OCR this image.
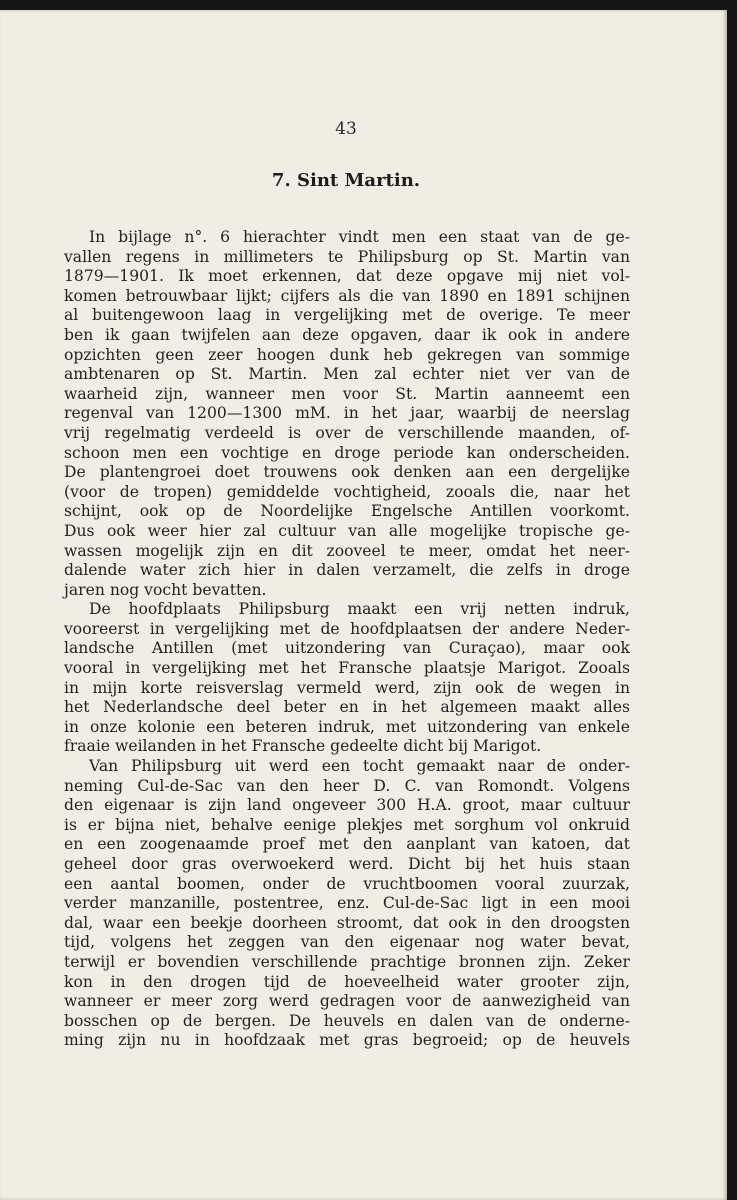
43
7. Sint Martin.
In bijlage n°. 6 hierachter vindt men een staat van de ge-
vallen regens in millimeters te Philipsburg op St. Martin van
1879—1901. Ik moet erkennen, dat deze opgave mij niet vol-
komen betrouwbaar lijkt; cijfers als die van 1890 en 1891 schijnen
al buitengewoon laag in vergelijking met de overige. Te meer
ben ik gaan twijfelen aan deze opgaven, daar ik ook in andere
opzichten geen zeer hoogen dunk heb gekregen van sommige
ambtenaren op St. Martin. Men zal echter niet ver van de
waarheid zijn, wanneer men voor St. Martin aanneemt een
regenval van 1200—1300 mM. in het jaar, waarbij de neerslag
vrij regelmatig verdeeld is over de verschillende maanden, of-
schoon men een vochtige en droge periode kan onderscheiden.
De plantengroei doet trouwens ook denken aan een dergelijke
(voor de tropen) gemiddelde vochtigheid, zooals die, naar het
schijnt, ook op de Noordelijke Engelsche Antillen voorkomt.
Dus ook weer hier zal cultuur van alle mogelijke tropische ge-
wassen mogelijk zijn en dit zooveel te meer, omdat het neer-
dalende water zich hier in dalen verzamelt, die zelfs in droge
jaren nog vocht bevatten.
De hoofdplaats Philipsburg maakt een vrij netten indruk,
vooreerst in vergelijking met de hoofdplaatsen der andere Neder-
landsche Antillen (met uitzondering van Curaçao), maar ook
vooral in vergelijking met het Fransche plaatsje Marigot. Zooals
in mijn korte reisverslag vermeld werd, zijn ook de wegen in
het Nederlandsche deel beter en in het algemeen maakt alles
in onze kolonie een beteren indruk, met uitzondering van enkele
fraaie weilanden in het Fransche gedeelte dicht bij Marigot.
Van Philipsburg uit werd een tocht gemaakt naar de onder-
neming Cul-de-Sac van den heer D. C. van Romondt. Volgens
den eigenaar is zijn land ongeveer 300 H.A. groot, maar cultuur
is er bijna niet, behalve eenige plekjes met sorghum vol onkruid
en een zoogenaamde proef met den aanplant van katoen, dat
geheel door gras overwoekerd werd. Dicht bij het huis staan
een aantal boomen, onder de vruchtboomen vooral zuurzak,
verder manzanille, postentree, enz. Cul-de-Sac ligt in een mooi
dal, waar een beekje doorheen stroomt, dat ook in den droogsten
tijd, volgens het zeggen van den eigenaar nog water bevat,
terwijl er bovendien verschillende prachtige bronnen zijn. Zeker
kon in den drogen tijd de hoeveelheid water grooter zijn,
wanneer er meer zorg werd gedragen voor de aanwezigheid van
bosschen op de bergen. De heuvels en dalen van de onderne-
ming zijn nu in hoofdzaak met gras begroeid; op de heuvels
